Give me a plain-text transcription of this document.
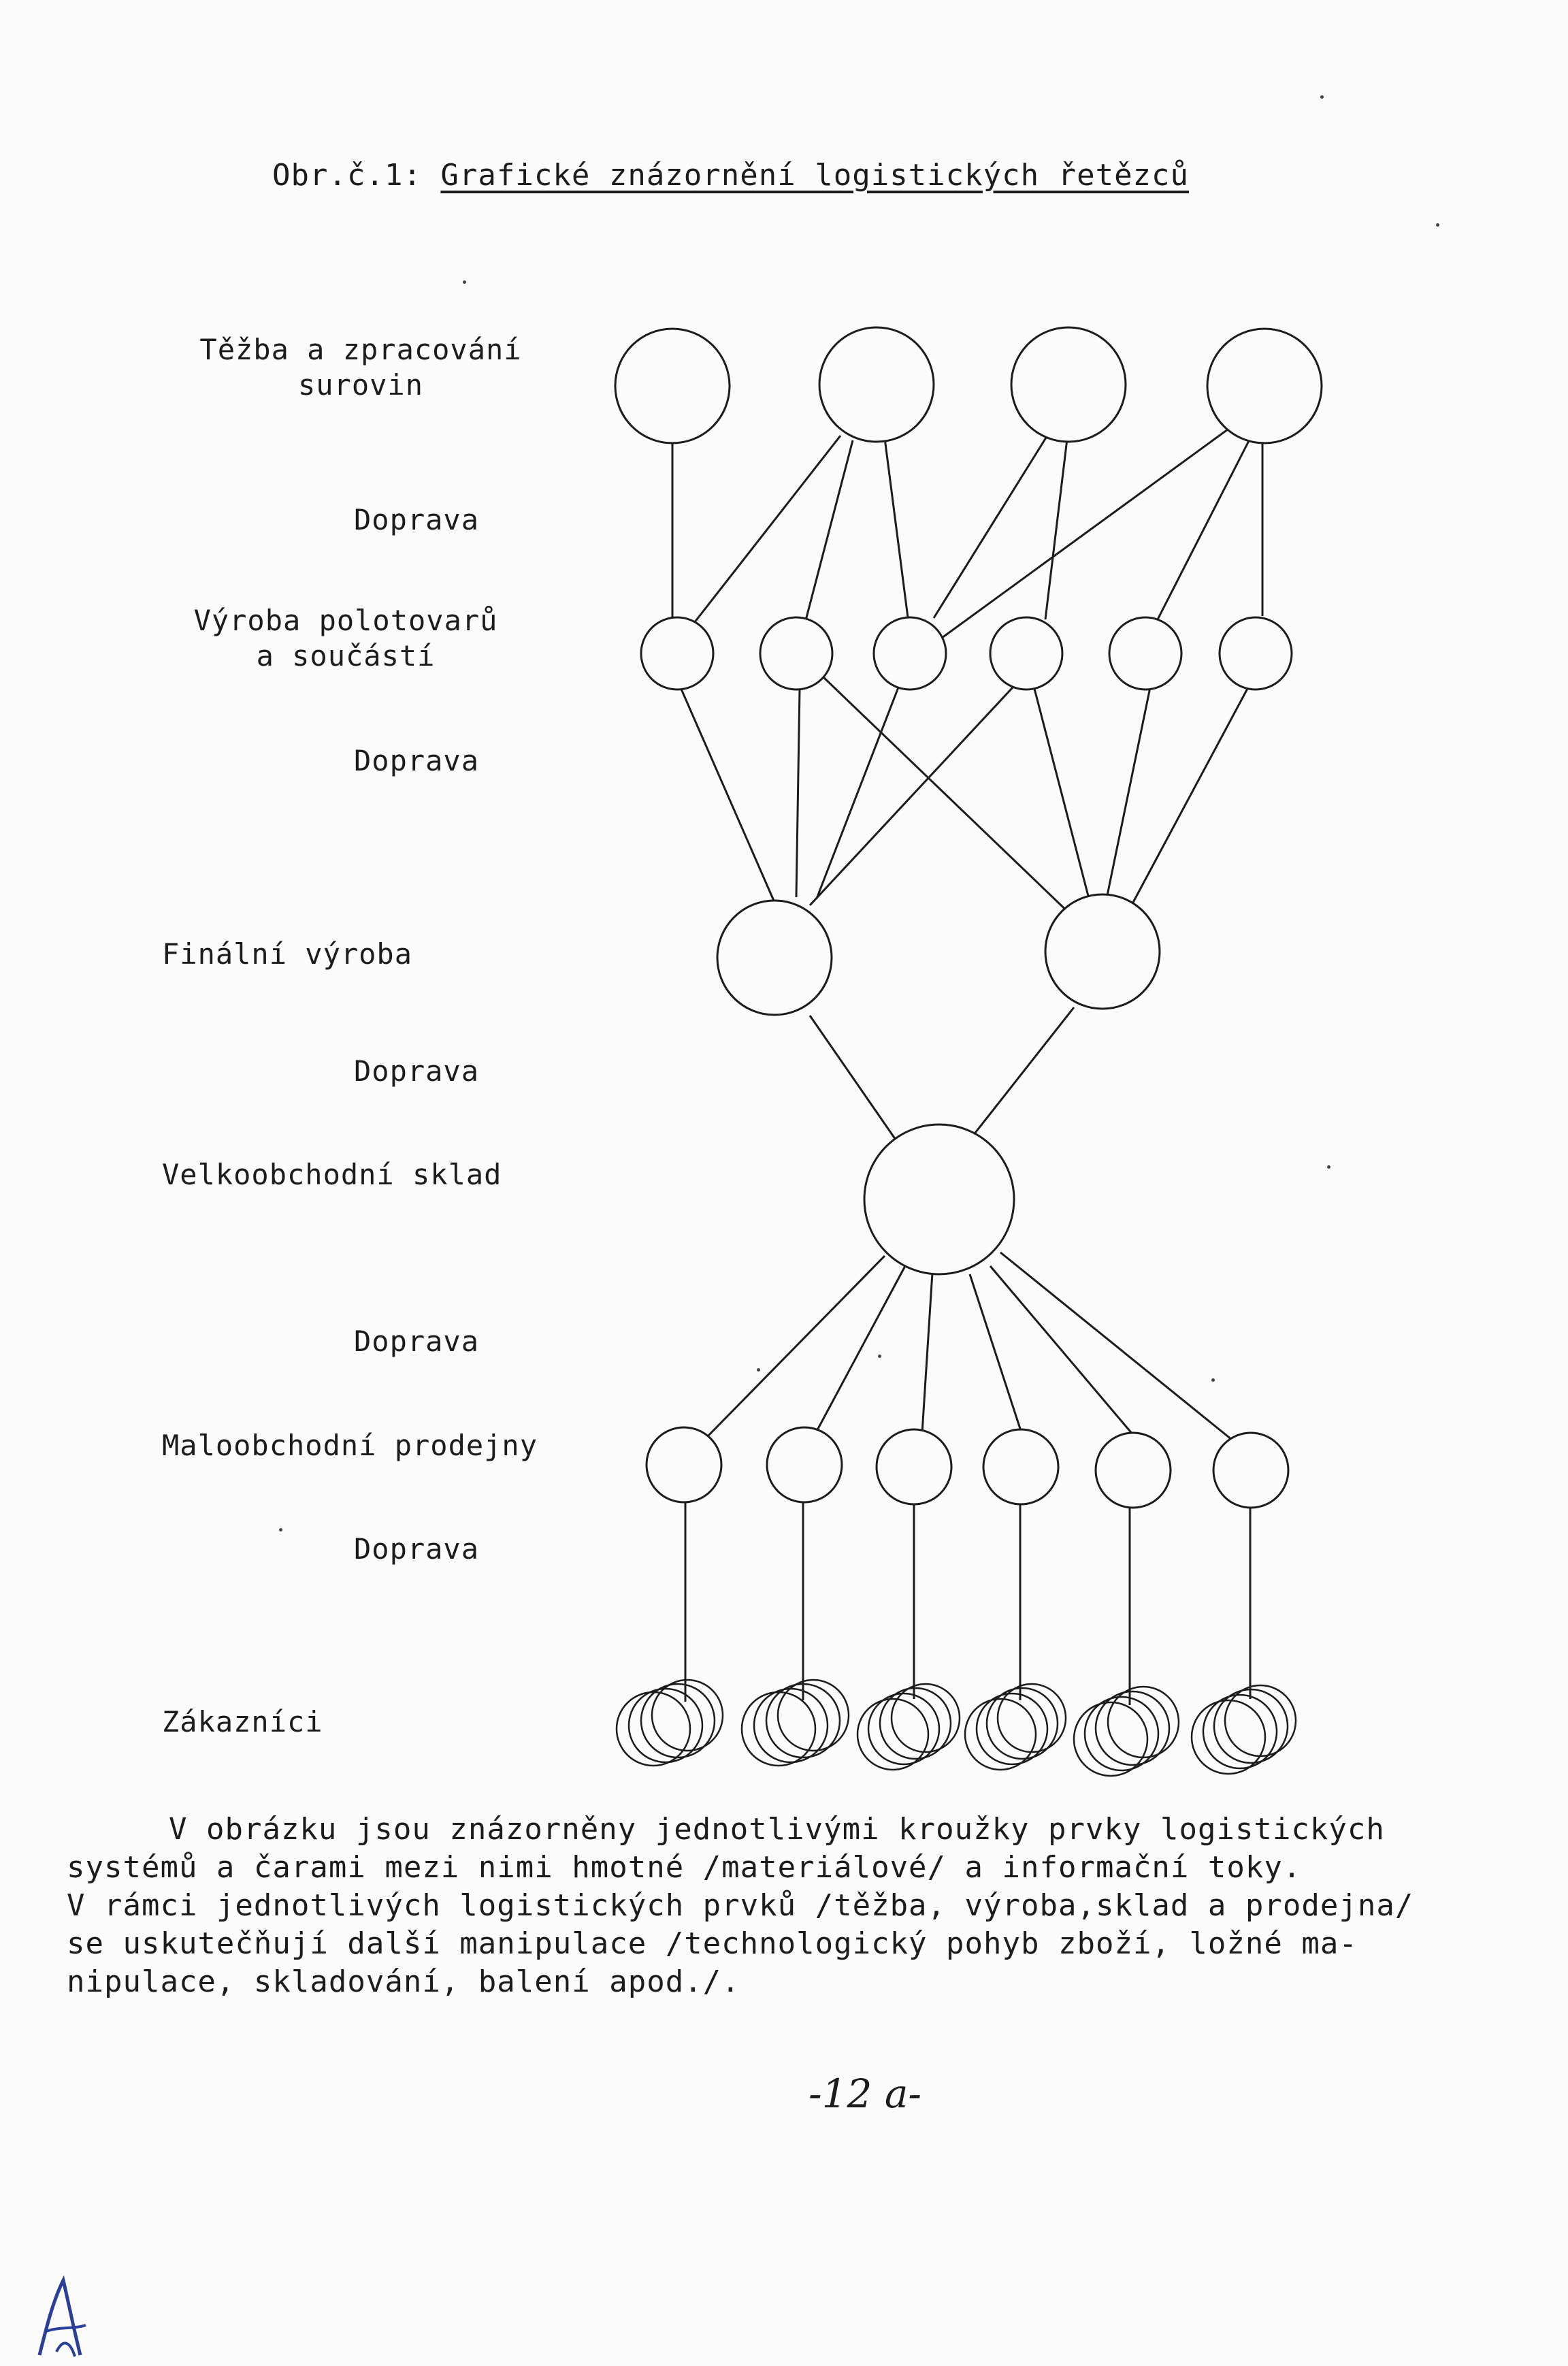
Obr.č.1: Grafické znázornění logistických řetězců
Těžba a zpracování
surovin
Doprava
Výroba polotovarů
a součástí
Doprava
Finální výroba
Doprava
Velkoobchodní sklad
Doprava
Maloobchodní prodejny
Doprava
Zákazníci
V obrázku jsou znázorněny jednotlivými kroužky prvky logistických
systémů a čarami mezi nimi hmotné /materiálové/ a informační toky.
V rámci jednotlivých logistických prvků /těžba, výroba,sklad a prodejna/
se uskutečňují další manipulace /technologický pohyb zboží, ložné ma-
nipulace, skladování, balení apod./.
-12 a-
